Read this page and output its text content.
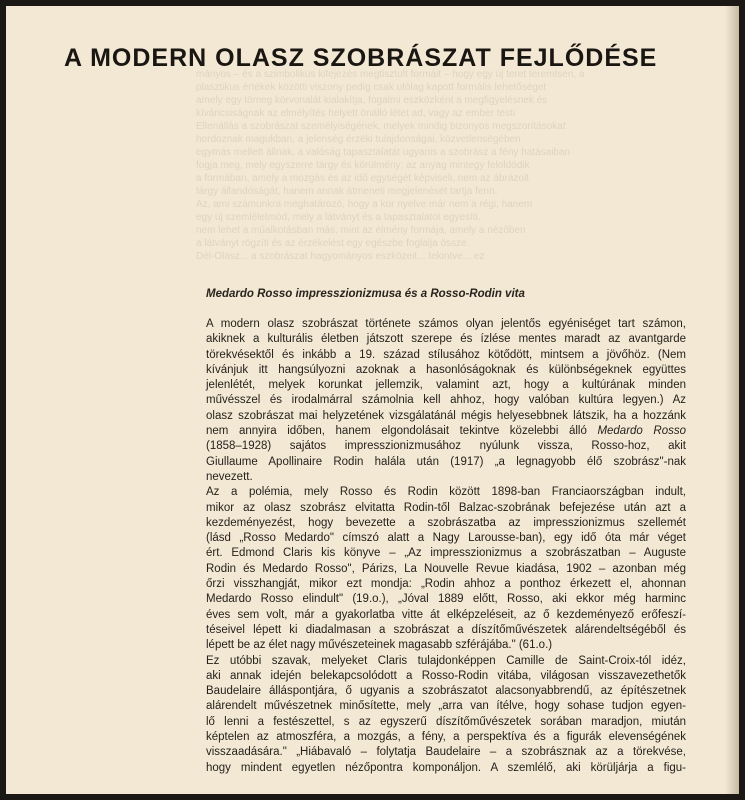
mányos – és a szimbolikus kifejezés megtisztult formáit – hogy egy új teret teremtsen, a
plasztikus értékek közötti viszony pedig csak utólag kapott formális lehetőséget
amely egy tömeg körvonalát kialakítja, fogalmi eszközként a megfigyelésnek és
kíváncsiságnak az elmélyítés helyett önálló létet ad, vagy az ember testi
Ellenállás a szobrászat személyiségének, melyek mindig bizonyos megszorításokat
hordoznak magukban, a jelenség érzéki tulajdonságai, közvetlenségében
egymás mellett állnak, a valóság tapasztalatát ugyanis a szobrász a fény hatásaiban
fogja meg, mely egyszerre tárgy és körülmény; az anyag mintegy feloldódik
a formában, amely a mozgás és az idő egységét képviseli, nem az ábrázolt
tárgy állandóságát, hanem annak átmeneti megjelenését tartja fenn.
Az, ami számunkra meghatározó, hogy a kor nyelve már nem a régi, hanem
egy új szemléletmód, mely a látványt és a tapasztalatot egyesíti.
nem lehet a műalkotásban más, mint az élmény formája, amely a nézőben
a látványt rögzíti és az érzékelést egy egészbe foglalja össze.
Dél-Olasz... a szobrászat hagyományos eszközeit... tekintve... ez
A MODERN OLASZ SZOBRÁSZAT FEJLŐDÉSE
Medardo Rosso impresszionizmusa és a Rosso-Rodin vita
A modern olasz szobrászat története számos olyan jelentős egyéniséget tart számon,
akiknek a kulturális életben játszott szerepe és ízlése mentes maradt az avantgarde
törekvésektől és inkább a 19. század stílusához kötődött, mintsem a jövőhöz. (Nem
kívánjuk itt hangsúlyozni azoknak a hasonlóságoknak és különbségeknek együttes
jelenlétét, melyek korunkat jellemzik, valamint azt, hogy a kultúrának minden
művésszel és irodalmárral számolnia kell ahhoz, hogy valóban kultúra legyen.) Az
olasz szobrászat mai helyzetének vizsgálatánál mégis helyesebbnek látszik, ha a hozzánk
nem annyira időben, hanem elgondolásait tekintve közelebbi álló Medardo Rosso
(1858–1928) sajátos impresszionizmusához nyúlunk vissza, Rosso-hoz, akit
Giullaume Apollinaire Rodin halála után (1917) „a legnagyobb élő szobrász"-nak
nevezett.
Az a polémia, mely Rosso és Rodin között 1898-ban Franciaországban indult,
mikor az olasz szobrász elvitatta Rodin-től Balzac-szobrának befejezése után azt a
kezdeményezést, hogy bevezette a szobrászatba az impresszionizmus szellemét
(lásd „Rosso Medardo" címszó alatt a Nagy Larousse-ban), egy idő óta már véget
ért. Edmond Claris kis könyve – „Az impresszionizmus a szobrászatban – Auguste
Rodin és Medardo Rosso", Párizs, La Nouvelle Revue kiadása, 1902 – azonban még
őrzi visszhangját, mikor ezt mondja: „Rodin ahhoz a ponthoz érkezett el, ahonnan
Medardo Rosso elindult" (19.o.), „Jóval 1889 előtt, Rosso, aki ekkor még harminc
éves sem volt, már a gyakorlatba vitte át elképzeléseit, az ő kezdeményező erőfeszí-
téseivel lépett ki diadalmasan a szobrászat a díszítőművészetek alárendeltségéből és
lépett be az élet nagy művészeteinek magasabb szférájába." (61.o.)
Ez utóbbi szavak, melyeket Claris tulajdonképpen Camille de Saint-Croix-tól idéz,
aki annak idején belekapcsolódott a Rosso-Rodin vitába, világosan visszavezethetők
Baudelaire álláspontjára, ő ugyanis a szobrászatot alacsonyabbrendű, az építészetnek
alárendelt művészetnek minősítette, mely „arra van ítélve, hogy sohase tudjon egyen-
lő lenni a festészettel, s az egyszerű díszítőművészetek sorában maradjon, miután
képtelen az atmoszféra, a mozgás, a fény, a perspektíva és a figurák elevenségének
visszaadására." „Hiábavaló – folytatja Baudelaire – a szobrásznak az a törekvése,
hogy mindent egyetlen nézőpontra komponáljon. A szemlélő, aki körüljárja a figu-
